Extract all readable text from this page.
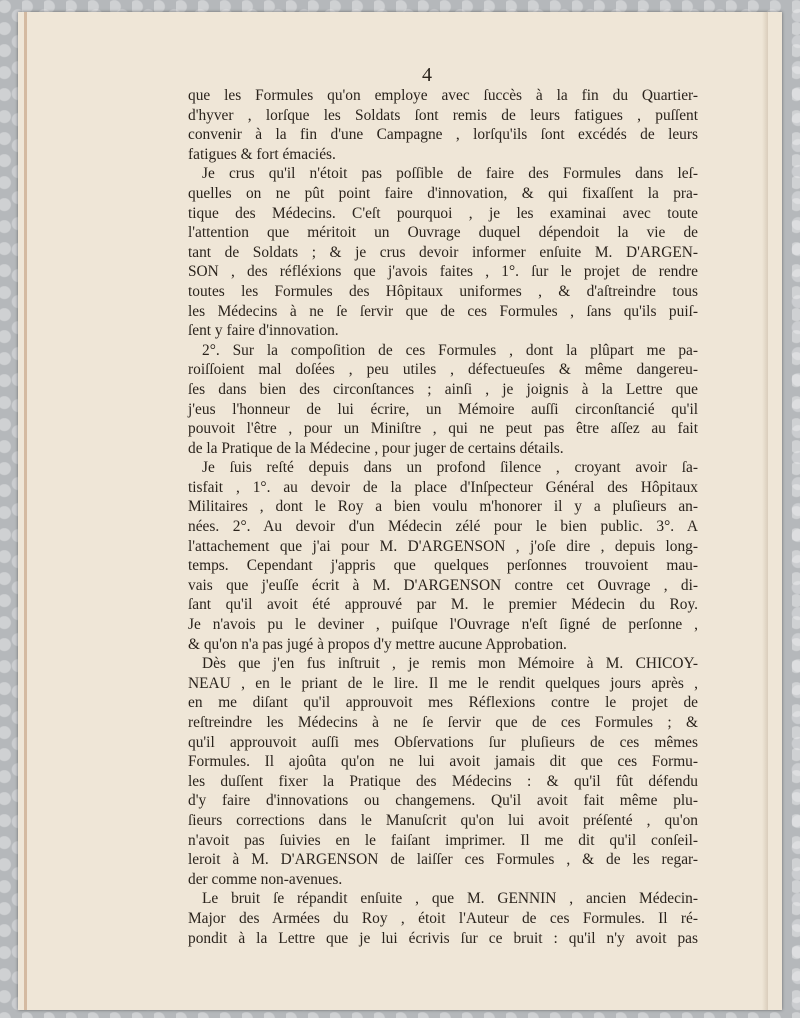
4
que les Formules qu'on employe avec ſuccès à la fin du Quartier-
d'hyver , lorſque les Soldats ſont remis de leurs fatigues , puſſent
convenir à la fin d'une Campagne , lorſqu'ils ſont excédés de leurs
fatigues & fort émaciés.
Je crus qu'il n'étoit pas poſſible de faire des Formules dans leſ-
quelles on ne pût point faire d'innovation, & qui fixaſſent la pra-
tique des Médecins. C'eſt pourquoi , je les examinai avec toute
l'attention que méritoit un Ouvrage duquel dépendoit la vie de
tant de Soldats ; & je crus devoir informer enſuite M. D'ARGEN-
SON , des réfléxions que j'avois faites , 1°. ſur le projet de rendre
toutes les Formules des Hôpitaux uniformes , & d'aſtreindre tous
les Médecins à ne ſe ſervir que de ces Formules , ſans qu'ils puiſ-
ſent y faire d'innovation.
2°. Sur la compoſition de ces Formules , dont la plûpart me pa-
roiſſoient mal doſées , peu utiles , défectueuſes & même dangereu-
ſes dans bien des circonſtances ; ainſi , je joignis à la Lettre que
j'eus l'honneur de lui écrire, un Mémoire auſſi circonſtancié qu'il
pouvoit l'être , pour un Miniſtre , qui ne peut pas être aſſez au fait
de la Pratique de la Médecine , pour juger de certains détails.
Je ſuis reſté depuis dans un profond ſilence , croyant avoir ſa-
tisfait , 1°. au devoir de la place d'Inſpecteur Général des Hôpitaux
Militaires , dont le Roy a bien voulu m'honorer il y a pluſieurs an-
nées. 2°. Au devoir d'un Médecin zélé pour le bien public. 3°. A
l'attachement que j'ai pour M. D'ARGENSON , j'oſe dire , depuis long-
temps. Cependant j'appris que quelques perſonnes trouvoient mau-
vais que j'euſſe écrit à M. D'ARGENSON contre cet Ouvrage , di-
ſant qu'il avoit été approuvé par M. le premier Médecin du Roy.
Je n'avois pu le deviner , puiſque l'Ouvrage n'eſt ſigné de perſonne ,
& qu'on n'a pas jugé à propos d'y mettre aucune Approbation.
Dès que j'en fus inſtruit , je remis mon Mémoire à M. CHICOY-
NEAU , en le priant de le lire. Il me le rendit quelques jours après ,
en me diſant qu'il approuvoit mes Réflexions contre le projet de
reſtreindre les Médecins à ne ſe ſervir que de ces Formules ; &
qu'il approuvoit auſſi mes Obſervations ſur pluſieurs de ces mêmes
Formules. Il ajoûta qu'on ne lui avoit jamais dit que ces Formu-
les duſſent fixer la Pratique des Médecins : & qu'il fût défendu
d'y faire d'innovations ou changemens. Qu'il avoit fait même plu-
ſieurs corrections dans le Manuſcrit qu'on lui avoit préſenté , qu'on
n'avoit pas ſuivies en le faiſant imprimer. Il me dit qu'il conſeil-
leroit à M. D'ARGENSON de laiſſer ces Formules , & de les regar-
der comme non-avenues.
Le bruit ſe répandit enſuite , que M. GENNIN , ancien Médecin-
Major des Armées du Roy , étoit l'Auteur de ces Formules. Il ré-
pondit à la Lettre que je lui écrivis ſur ce bruit : qu'il n'y avoit pas
